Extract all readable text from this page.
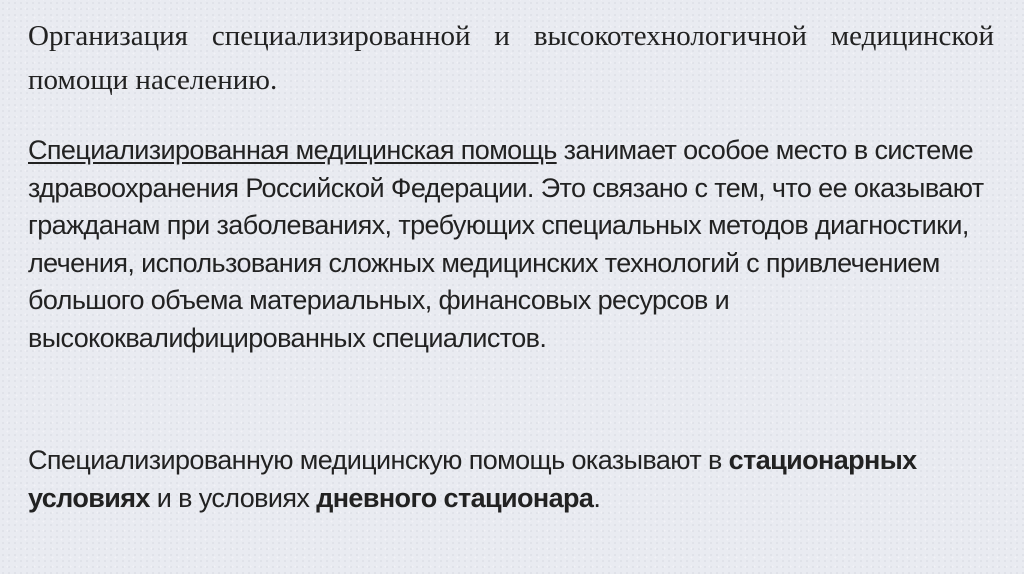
Организация специализированной и высокотехнологичной медицинской помощи населению.

Специализированная медицинская помощь занимает особое место в системе здравоохранения Российской Федерации. Это связано с тем, что ее оказывают гражданам при заболеваниях, требующих специальных методов диагностики, лечения, использования сложных медицинских технологий с привлечением большого объема материальных, финансовых ресурсов и высококвалифицированных специалистов.

Специализированную медицинскую помощь оказывают в стационарных условиях и в условиях дневного стационара.
